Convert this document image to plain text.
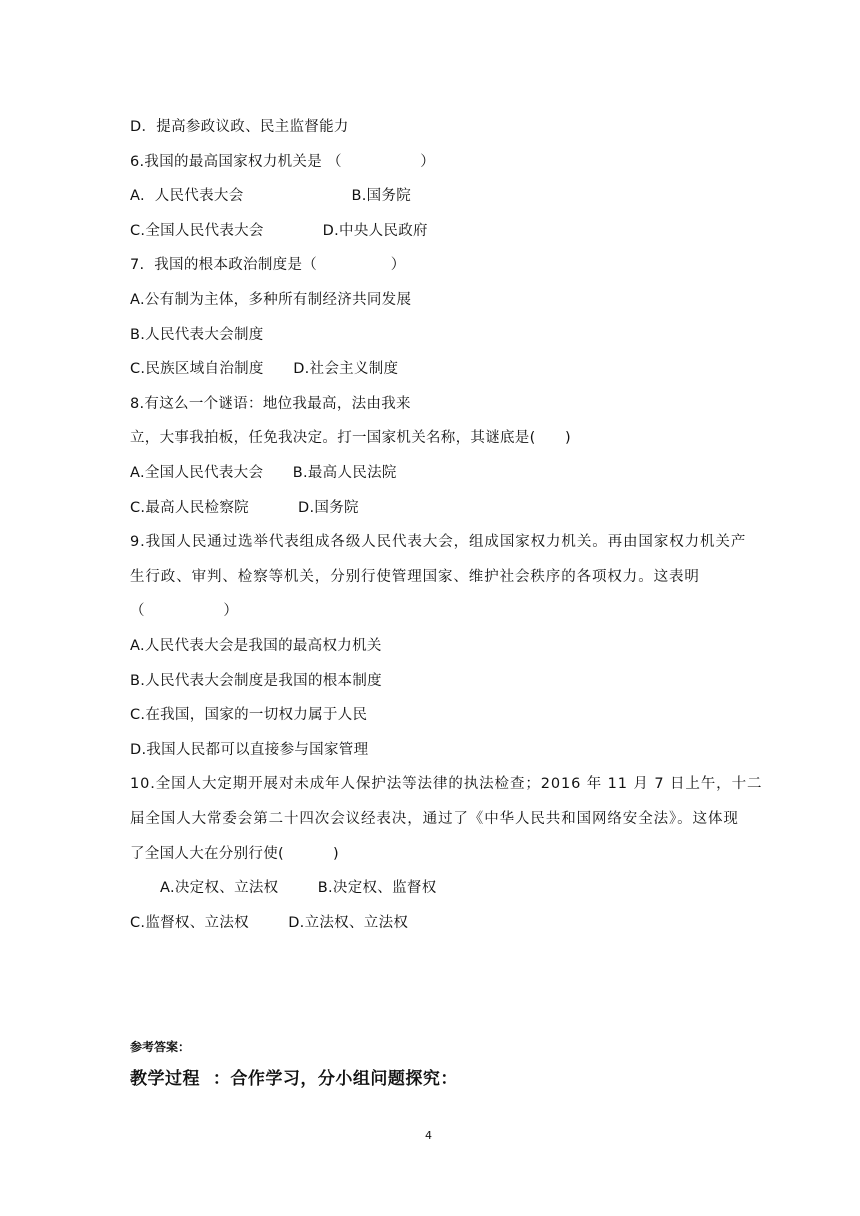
D．提高参政议政、民主监督能力
6.我国的最高国家权力机关是 （                ）
A.  人民代表大会                      B.国务院
C.全国人民代表大会            D.中央人民政府
7.  我国的根本政治制度是（               ）
A.公有制为主体，多种所有制经济共同发展
B.人民代表大会制度
C.民族区域自治制度      D.社会主义制度
8.有这么一个谜语：地位我最高，法由我来
立，大事我拍板，任免我决定。打一国家机关名称，其谜底是(      )
A.全国人民代表大会      B.最高人民法院
C.最高人民检察院          D.国务院
9.我国人民通过选举代表组成各级人民代表大会，组成国家权力机关。再由国家权力机关产
生行政、审判、检察等机关，分别行使管理国家、维护社会秩序的各项权力。这表明
（                ）
A.人民代表大会是我国的最高权力机关
B.人民代表大会制度是我国的根本制度
C.在我国，国家的一切权力属于人民
D.我国人民都可以直接参与国家管理
10.全国人大定期开展对未成年人保护法等法律的执法检查；2016 年 11 月 7 日上午，十二
届全国人大常委会第二十四次会议经表决，通过了《中华人民共和国网络安全法》。这体现
了全国人大在分别行使(          )
A.决定权、立法权        B.决定权、监督权
C.监督权、立法权        D.立法权、立法权
参考答案：
教学过程  ：合作学习，分小组问题探究：
4
